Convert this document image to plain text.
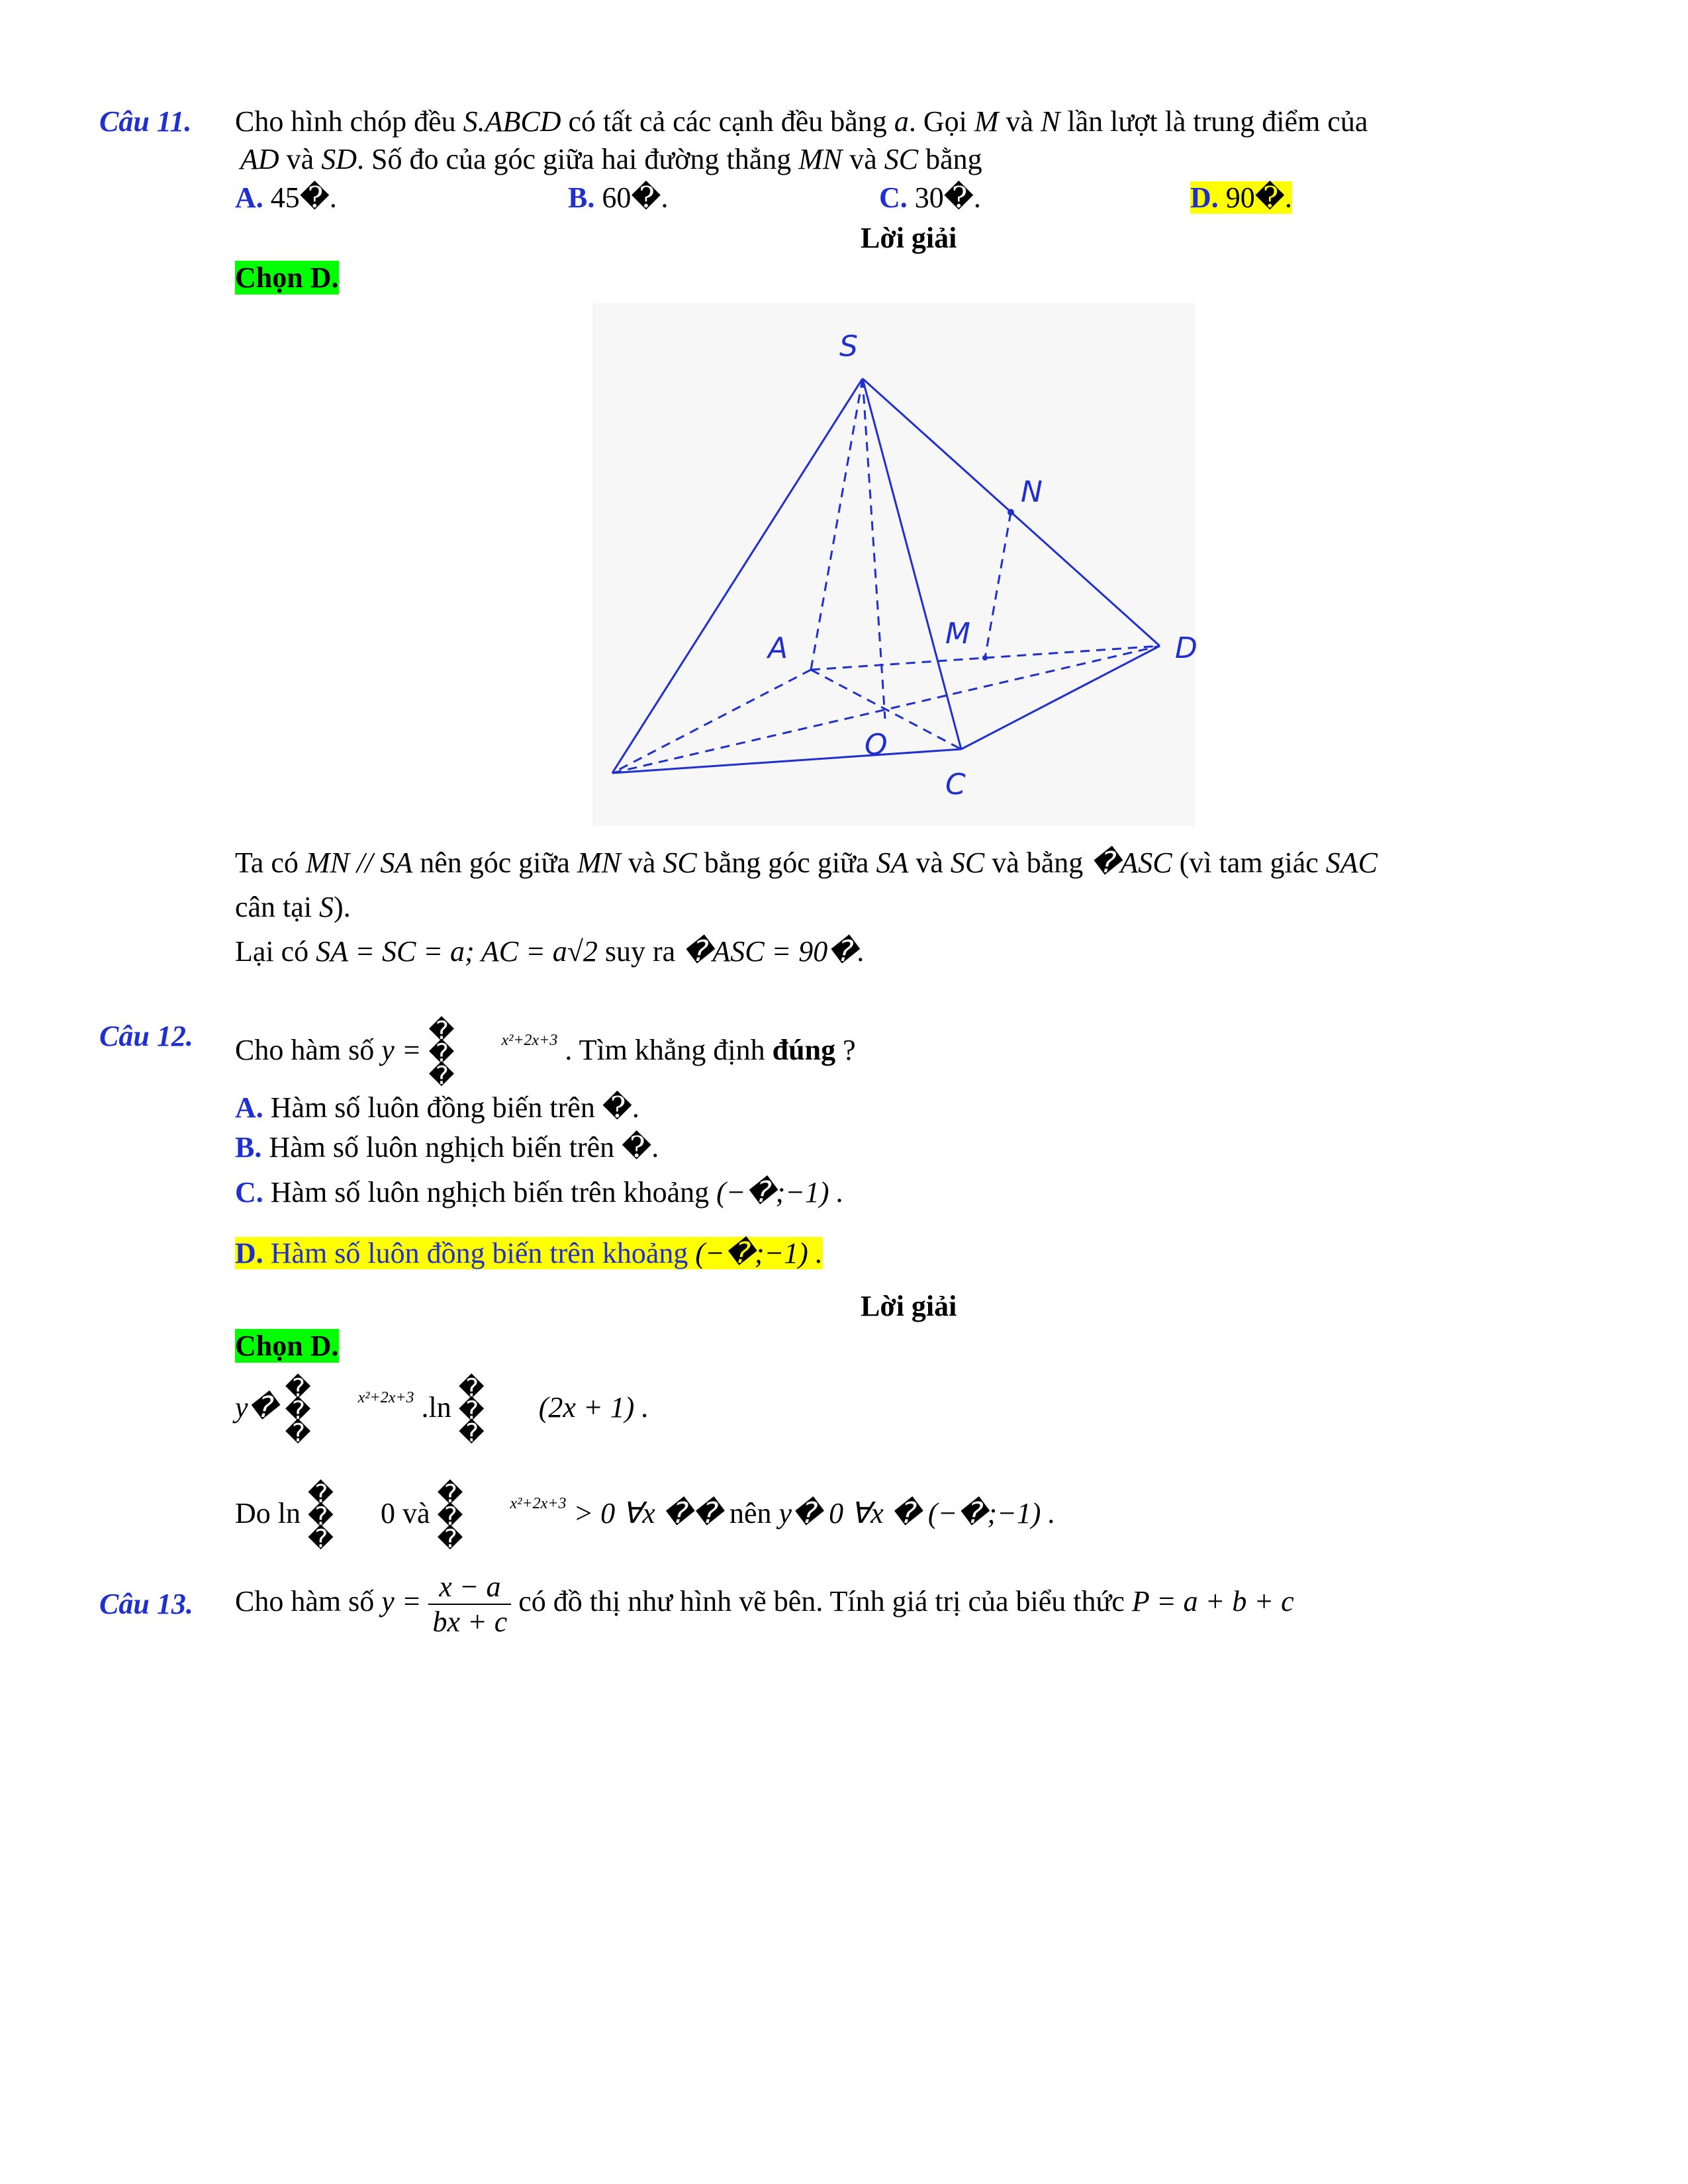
Câu 11. Cho hình chóp đều S.ABCD có tất cả các cạnh đều bằng a. Gọi M và N lần lượt là trung điểm của
AD và SD. Số đo của góc giữa hai đường thẳng MN và SC bằng
A. 45�.	B. 60�.	C. 30�.	D. 90�.
Lời giải
Chọn D.
S
N
A	M	D
O
C
Ta có MN // SA nên góc giữa MN và SC bằng góc giữa SA và SC và bằng �ASC (vì tam giác SAC
cân tại S).
Lại có SA = SC = a; AC = a√2 suy ra �ASC = 90�.
Câu 12. Cho hàm số y = �
�
�$^{x^2+2x+3}$ . Tìm khẳng định đúng ?
A. Hàm số luôn đồng biến trên �.
B. Hàm số luôn nghịch biến trên �.
C. Hàm số luôn nghịch biến trên khoảng (−�;−1) .
D. Hàm số luôn đồng biến trên khoảng (−�;−1) .
Lời giải
Chọn D.
y� �
�
�$^{x^2+2x+3}$ .ln �
�
� (2x + 1) .
Do ln �
�
�0 và �
�
�$^{x^2+2x+3}$ > 0 ∀x �� nên y� 0 ∀x � (−�;−1) .
Câu 13. Cho hàm số $y = \frac{x - a}{bx + c}$ có đồ thị như hình vẽ bên. Tính giá trị của biểu thức P = a + b + c
